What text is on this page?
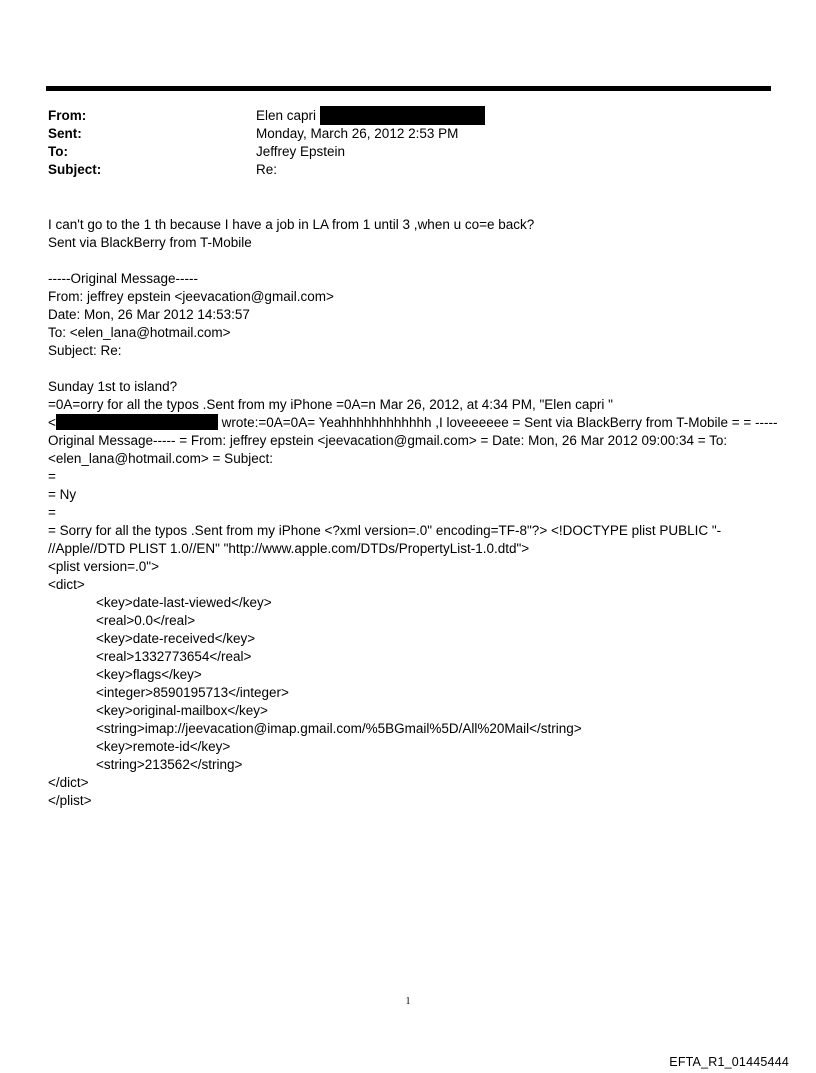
From:	Elen capri
Sent:	Monday, March 26, 2012 2:53 PM
To:	Jeffrey Epstein
Subject:	Re:
I can't go to the 1 th because I have a job in LA from 1 until 3 ,when u co=e back?
Sent via BlackBerry from T-Mobile
-----Original Message-----
From: jeffrey epstein <jeevacation@gmail.com>
Date: Mon, 26 Mar 2012 14:53:57
To: <elen_lana@hotmail.com>
Subject: Re:
Sunday 1st to island?
=0A=orry for all the typos .Sent from my iPhone =0A=n Mar 26, 2012, at 4:34 PM, "Elen capri "
<	wrote:=0A=0A= Yeahhhhhhhhhhhh ,I loveeeeee = Sent via BlackBerry from T-Mobile = = -----
Original Message----- = From: jeffrey epstein <jeevacation@gmail.com> = Date: Mon, 26 Mar 2012 09:00:34 = To:
<elen_lana@hotmail.com> = Subject:
=
= Ny
=
= Sorry for all the typos .Sent from my iPhone <?xml version=.0" encoding=TF-8"?> <!DOCTYPE plist PUBLIC "-
//Apple//DTD PLIST 1.0//EN" "http://www.apple.com/DTDs/PropertyList-1.0.dtd">
<plist version=.0">
<dict>
<key>date-last-viewed</key>
<real>0.0</real>
<key>date-received</key>
<real>1332773654</real>
<key>flags</key>
<integer>8590195713</integer>
<key>original-mailbox</key>
<string>imap://jeevacation@imap.gmail.com/%5BGmail%5D/All%20Mail</string>
<key>remote-id</key>
<string>213562</string>
</dict>
</plist>
1
EFTA_R1_01445444
